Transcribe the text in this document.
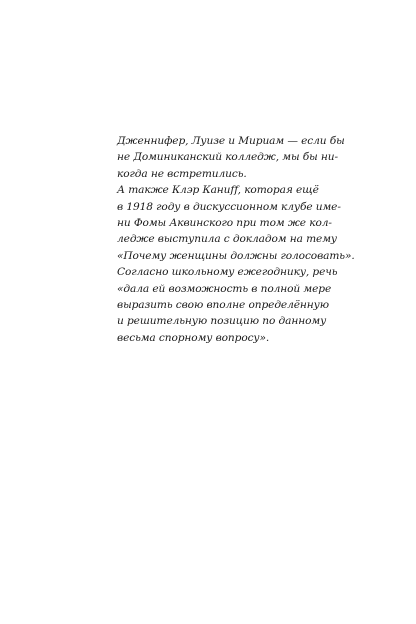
Дженнифер, Луизе и Мириам — если бы
не Доминиканский колледж, мы бы ни-
когда не встретились.
А также Клэр Каниff, которая ещё
в 1918 году в дискуссионном клубе име-
ни Фомы Аквинского при том же кол-
ледже выступила с докладом на тему
«Почему женщины должны голосовать».
Согласно школьному ежегоднику, речь
«дала ей возможность в полной мере
выразить свою вполне определённую
и решительную позицию по данному
весьма спорному вопросу».
